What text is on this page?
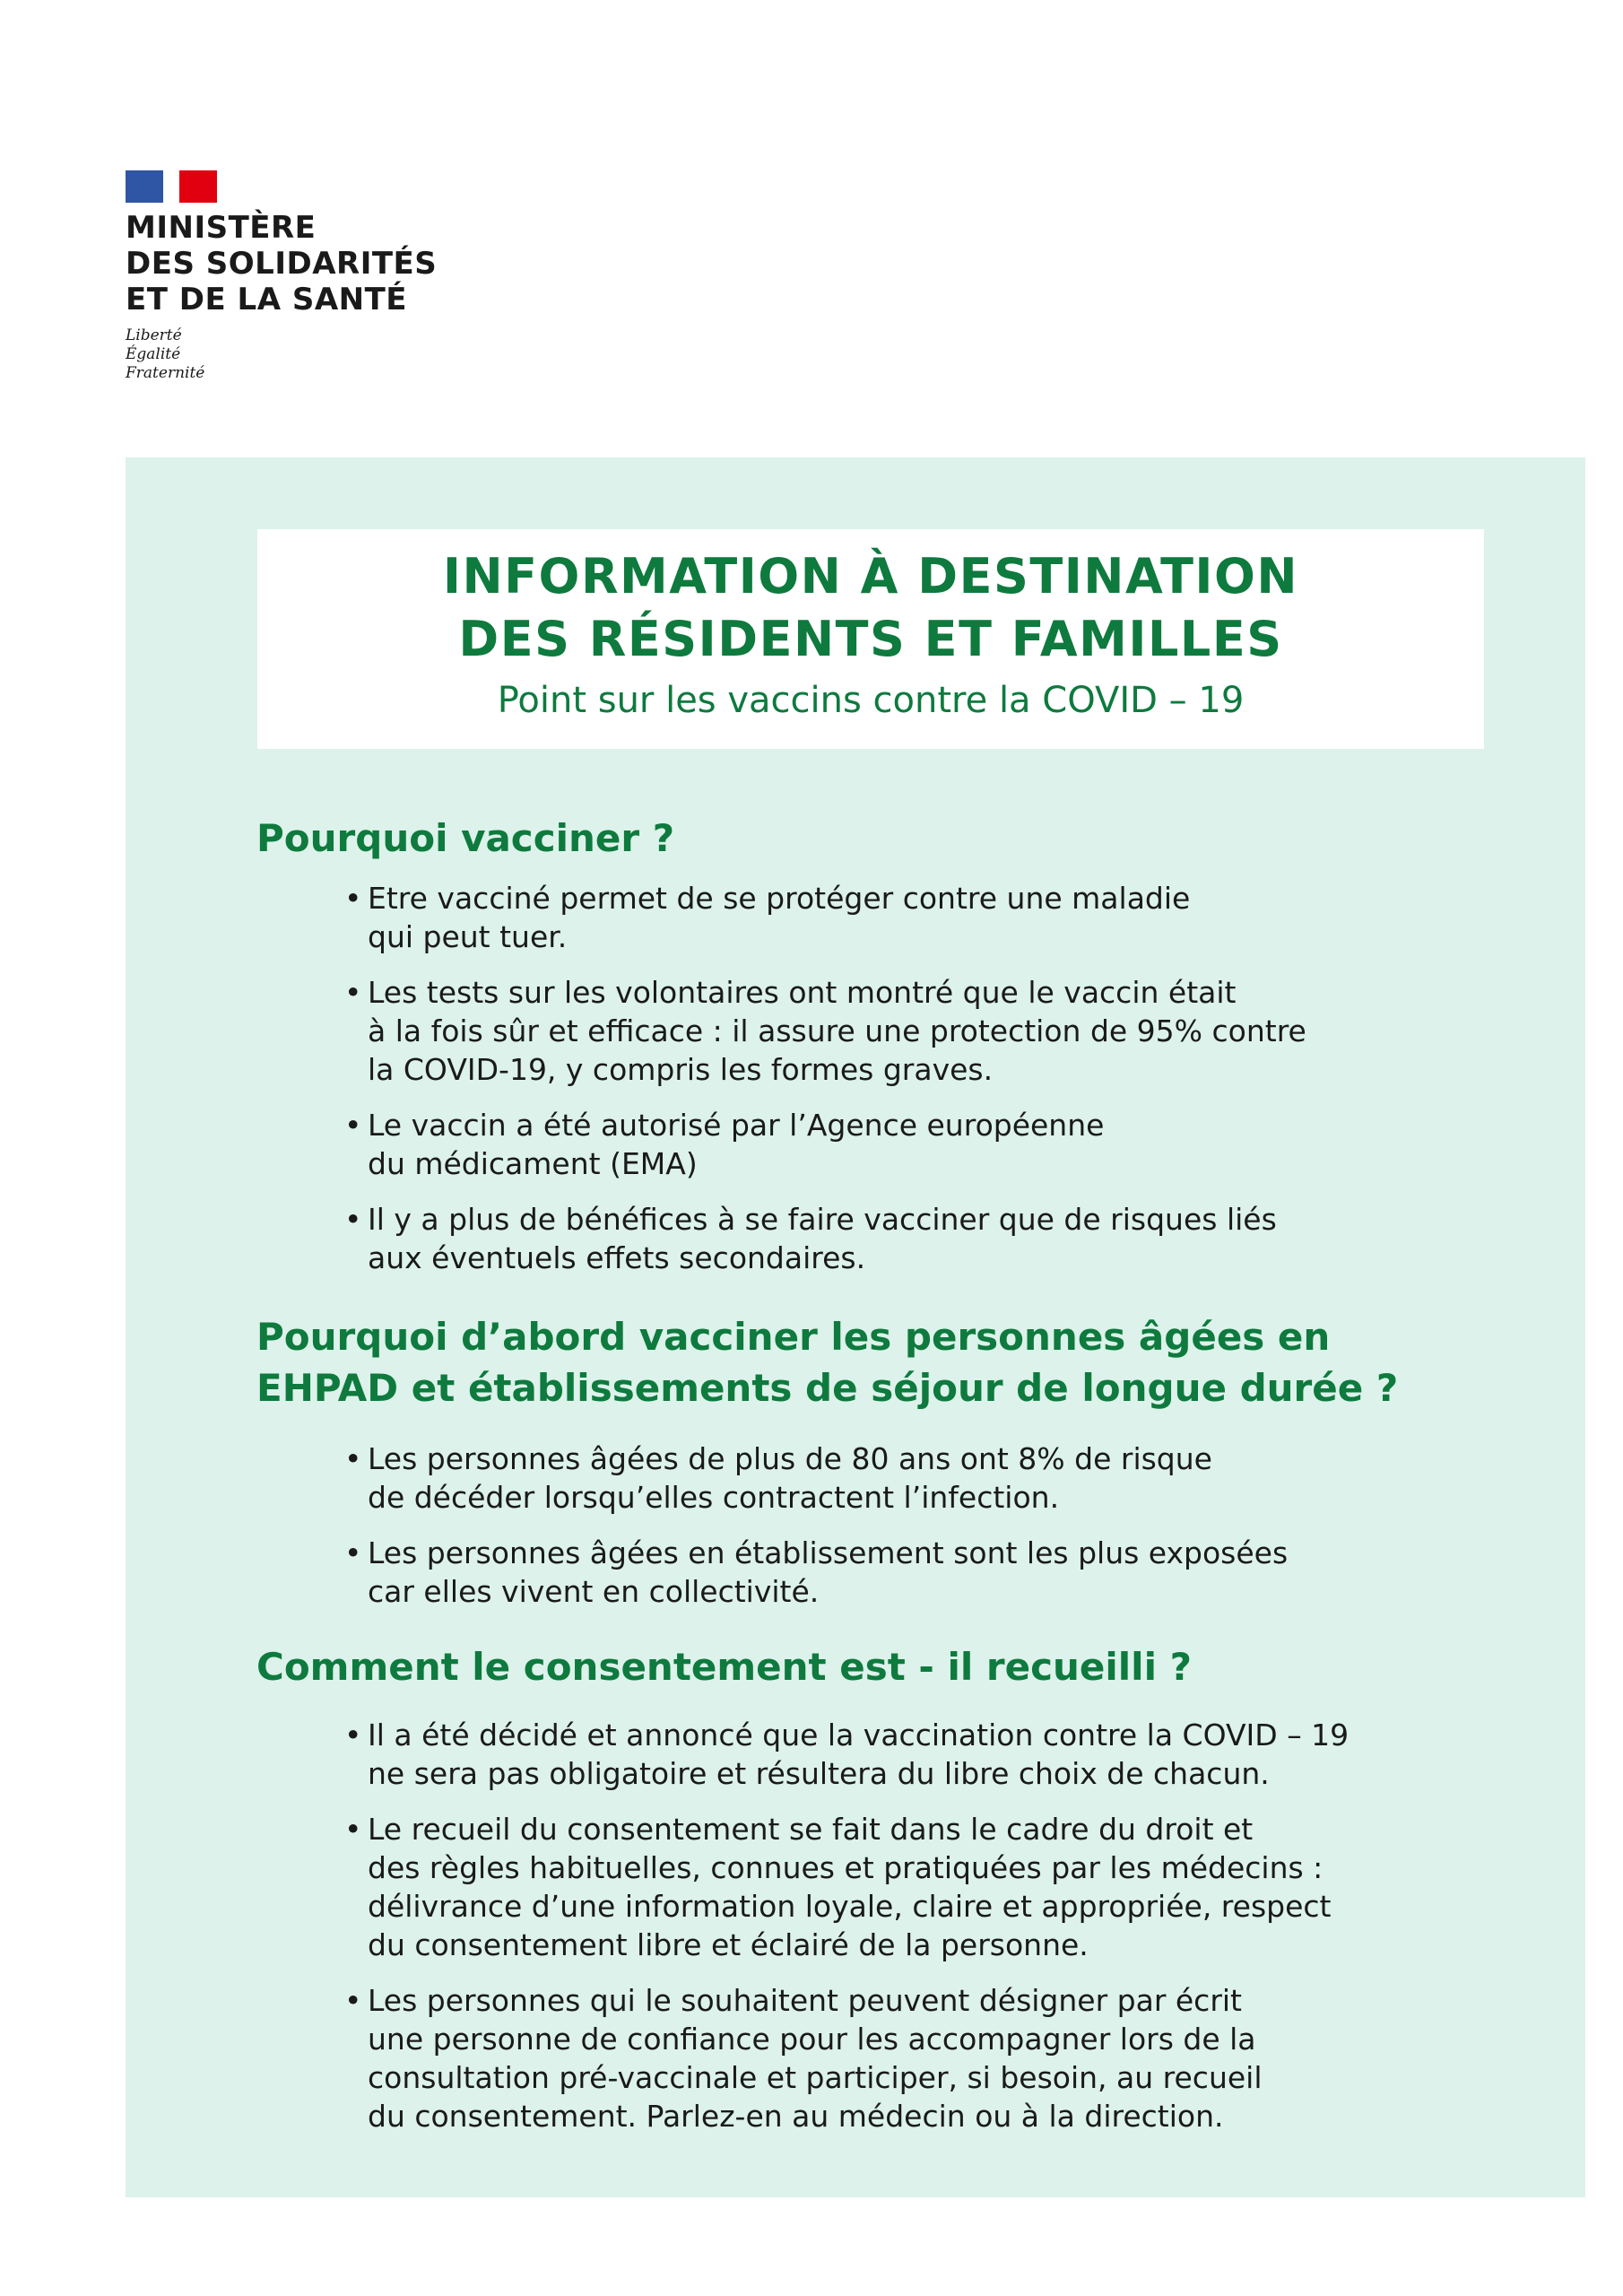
MINISTÈRE
DES SOLIDARITÉS
ET DE LA SANTÉ
Liberté
Égalité
Fraternité
INFORMATION À DESTINATION
DES RÉSIDENTS ET FAMILLES
Point sur les vaccins contre la COVID – 19
Pourquoi vacciner ?
• Etre vacciné permet de se protéger contre une maladie
qui peut tuer.
• Les tests sur les volontaires ont montré que le vaccin était
à la fois sûr et efficace : il assure une protection de 95% contre
la COVID-19, y compris les formes graves.
• Le vaccin a été autorisé par l’Agence européenne
du médicament (EMA)
• Il y a plus de bénéfices à se faire vacciner que de risques liés
aux éventuels effets secondaires.
Pourquoi d’abord vacciner les personnes âgées en
EHPAD et établissements de séjour de longue durée ?
• Les personnes âgées de plus de 80 ans ont 8% de risque
de décéder lorsqu’elles contractent l’infection.
• Les personnes âgées en établissement sont les plus exposées
car elles vivent en collectivité.
Comment le consentement est - il recueilli ?
• Il a été décidé et annoncé que la vaccination contre la COVID – 19
ne sera pas obligatoire et résultera du libre choix de chacun.
• Le recueil du consentement se fait dans le cadre du droit et
des règles habituelles, connues et pratiquées par les médecins :
délivrance d’une information loyale, claire et appropriée, respect
du consentement libre et éclairé de la personne.
• Les personnes qui le souhaitent peuvent désigner par écrit
une personne de confiance pour les accompagner lors de la
consultation pré-vaccinale et participer, si besoin, au recueil
du consentement. Parlez-en au médecin ou à la direction.
